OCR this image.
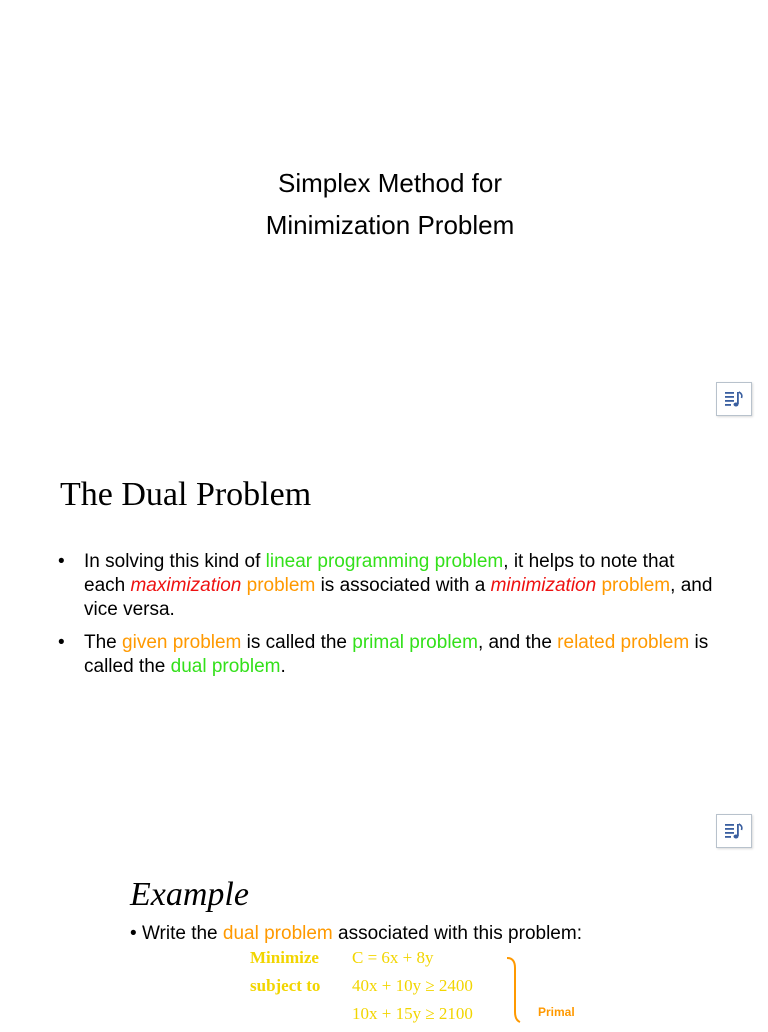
Simplex Method for
Minimization Problem
The Dual Problem
• In solving this kind of linear programming problem, it helps to note that each maximization problem is associated with a minimization problem, and vice versa.
• The given problem is called the primal problem, and the related problem is called the dual problem.
Example
• Write the dual problem associated with this problem:
Minimize C = 6x + 8y
subject to 40x + 10y ≥ 2400
10x + 15y ≥ 2100	Primal
